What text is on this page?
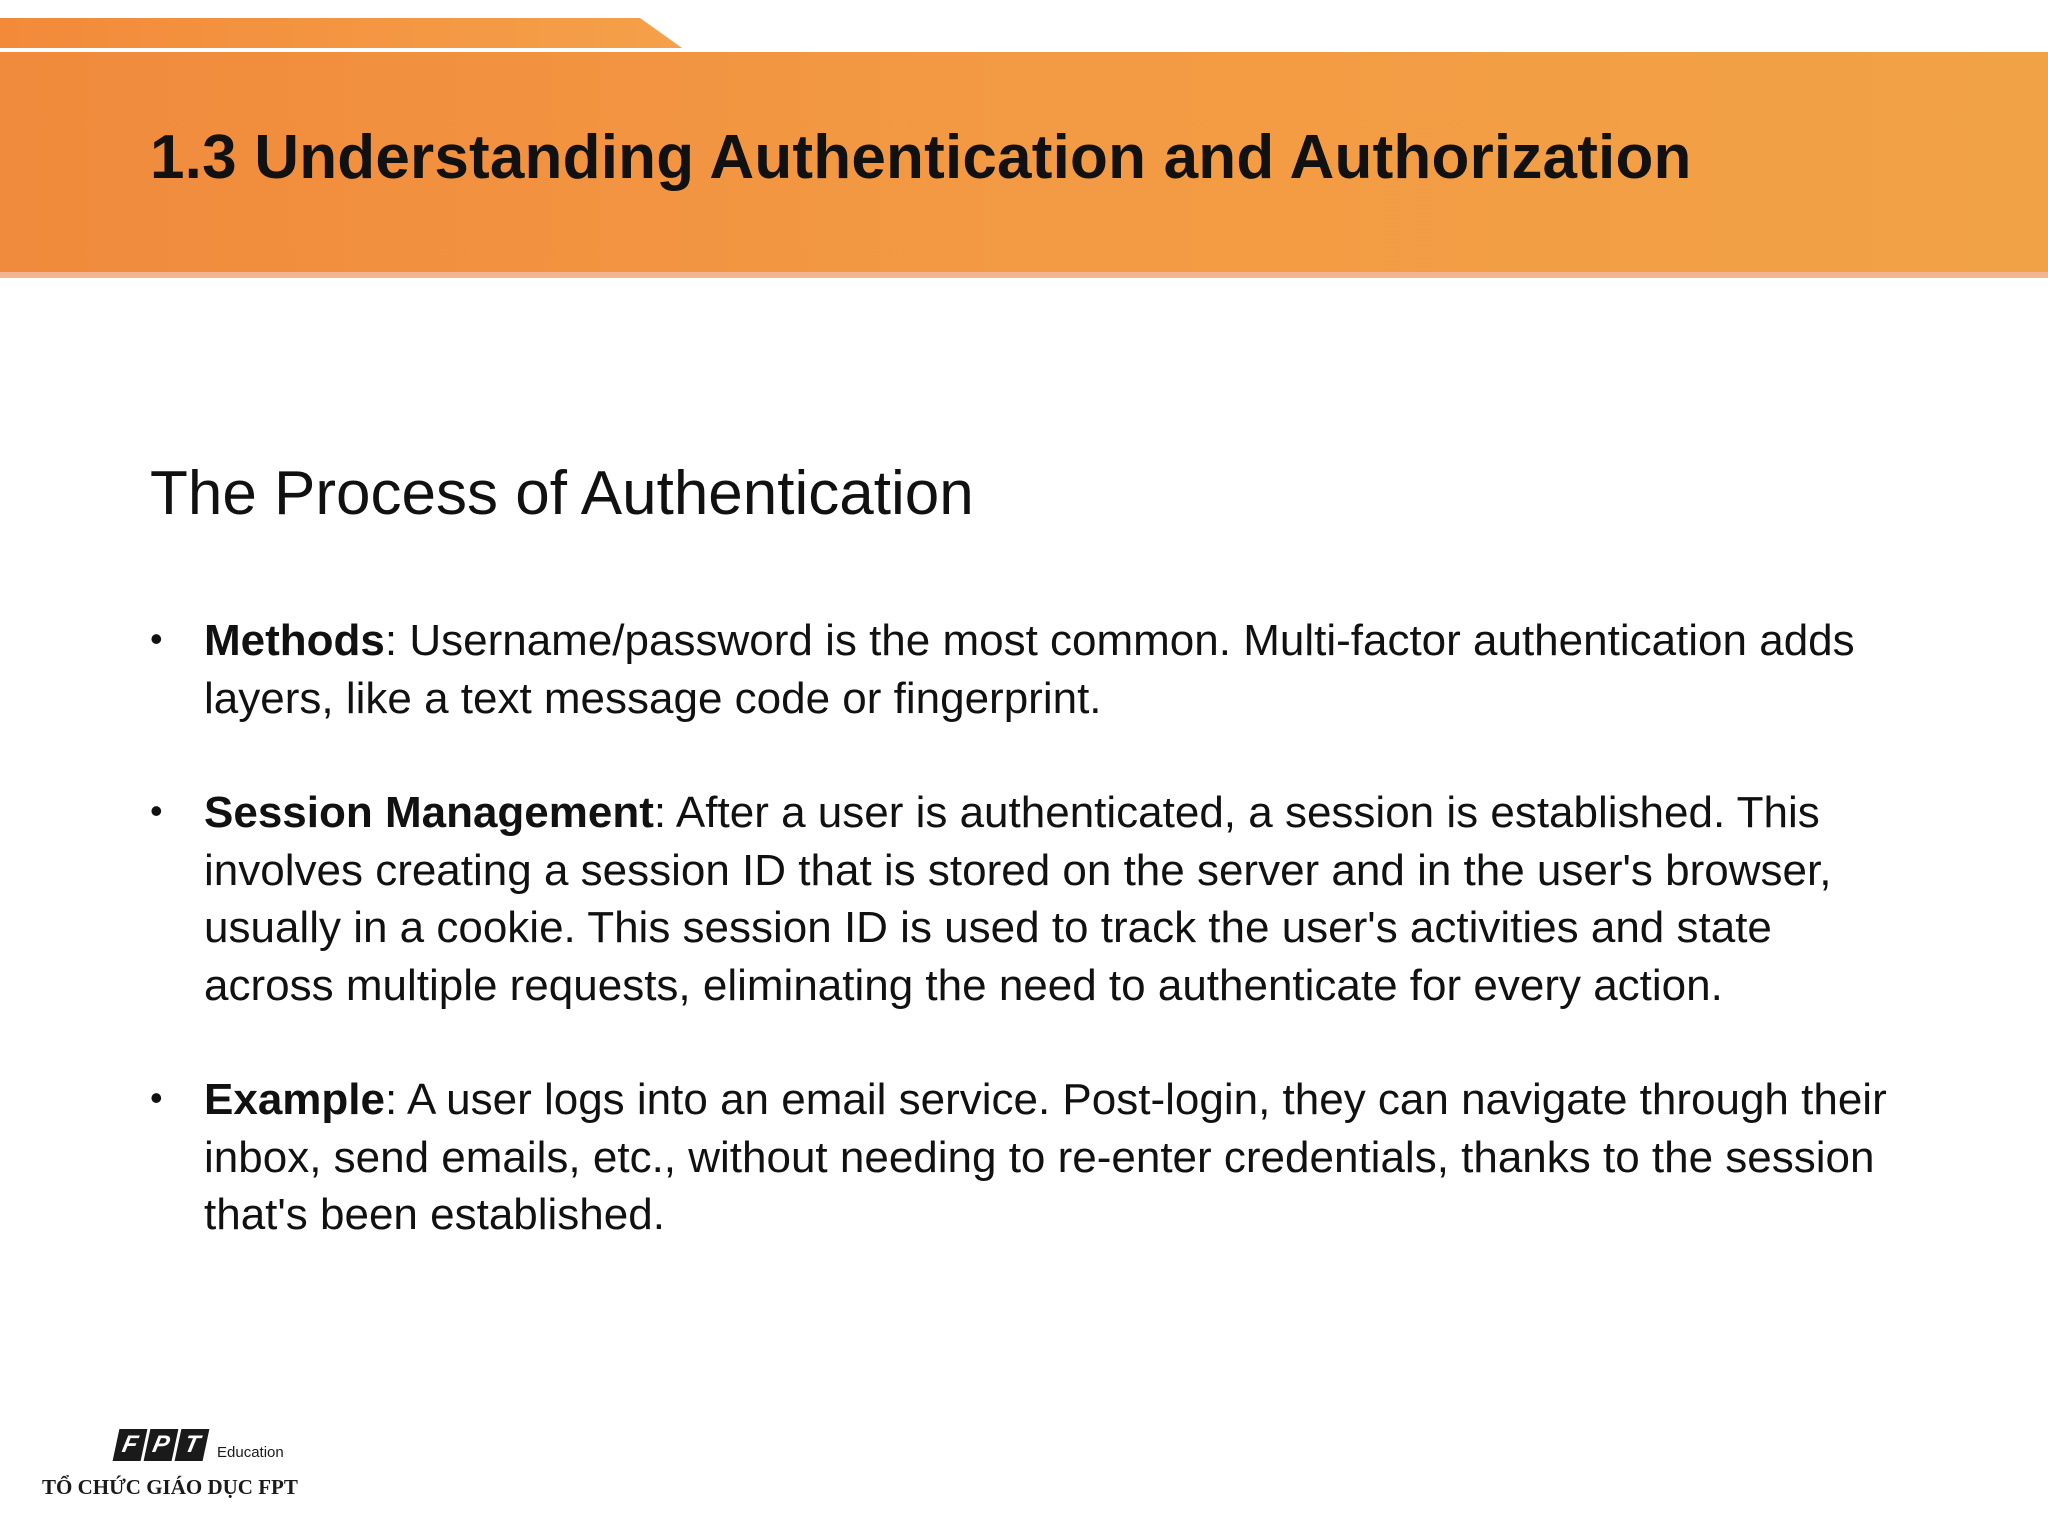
1.3 Understanding Authentication and Authorization
The Process of Authentication
• Methods: Username/password is the most common. Multi-factor authentication adds layers, like a text message code or fingerprint.
• Session Management: After a user is authenticated, a session is established. This involves creating a session ID that is stored on the server and in the user's browser, usually in a cookie. This session ID is used to track the user's activities and state across multiple requests, eliminating the need to authenticate for every action.
• Example: A user logs into an email service. Post-login, they can navigate through their inbox, send emails, etc., without needing to re-enter credentials, thanks to the session that's been established.
F P T Education
TỔ CHỨC GIÁO DỤC FPT
